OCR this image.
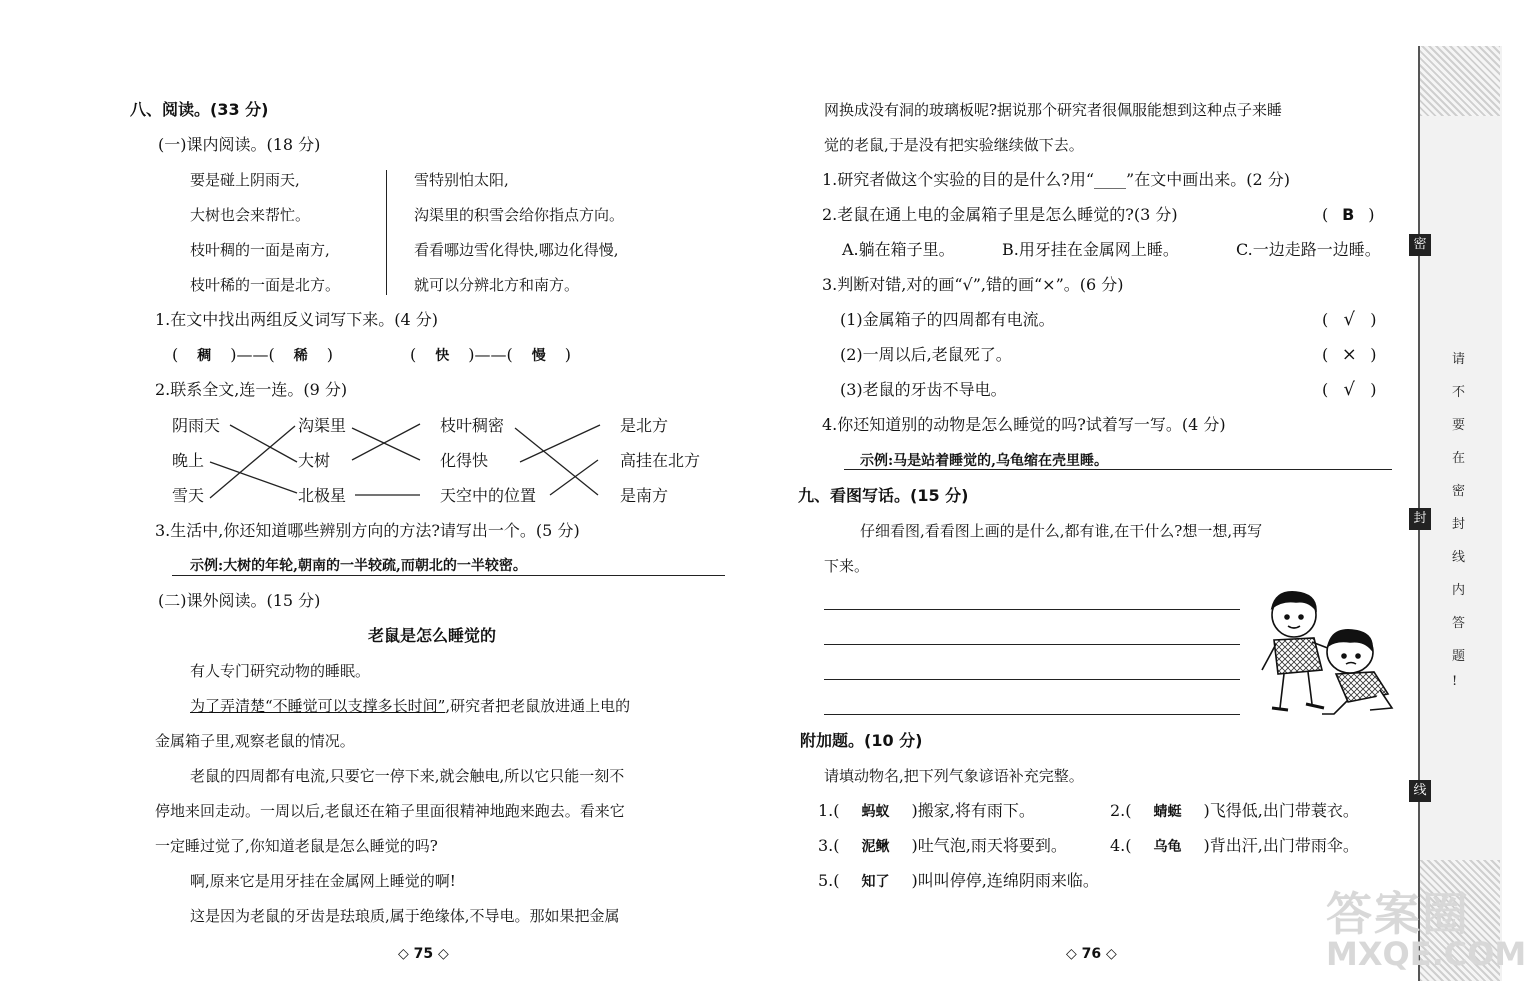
八、阅读。(33 分)
(一)课内阅读。(18 分)
要是碰上阴雨天,
大树也会来帮忙。
枝叶稠的一面是南方,
枝叶稀的一面是北方。
雪特别怕太阳,
沟渠里的积雪会给你指点方向。
看看哪边雪化得快,哪边化得慢,
就可以分辨北方和南方。
1.在文中找出两组反义词写下来。(4 分)
( 稠 )——( 稀 )	( 快 )——( 慢 )
2.联系全文,连一连。(9 分)
阴雨天
晚上
雪天
沟渠里
大树
北极星
枝叶稠密
化得快
天空中的位置
是北方
高挂在北方
是南方
3.生活中,你还知道哪些辨别方向的方法?请写出一个。(5 分)
示例:大树的年轮,朝南的一半较疏,而朝北的一半较密。
(二)课外阅读。(15 分)
老鼠是怎么睡觉的
有人专门研究动物的睡眠。
为了弄清楚“不睡觉可以支撑多长时间”,研究者把老鼠放进通上电的
金属箱子里,观察老鼠的情况。
老鼠的四周都有电流,只要它一停下来,就会触电,所以它只能一刻不
停地来回走动。一周以后,老鼠还在箱子里面很精神地跑来跑去。看来它
一定睡过觉了,你知道老鼠是怎么睡觉的吗?
啊,原来它是用牙挂在金属网上睡觉的啊!
这是因为老鼠的牙齿是珐琅质,属于绝缘体,不导电。那如果把金属
◇ 75 ◇
网换成没有洞的玻璃板呢?据说那个研究者很佩服能想到这种点子来睡
觉的老鼠,于是没有把实验继续做下去。
1.研究者做这个实验的目的是什么?用“____”在文中画出来。(2 分)
2.老鼠在通上电的金属箱子里是怎么睡觉的?(3 分)	( B )
A.躺在箱子里。	B.用牙挂在金属网上睡。	C.一边走路一边睡。
3.判断对错,对的画“√”,错的画“×”。(6 分)
(1)金属箱子的四周都有电流。	( √ )
(2)一周以后,老鼠死了。	( × )
(3)老鼠的牙齿不导电。	( √ )
4.你还知道别的动物是怎么睡觉的吗?试着写一写。(4 分)
示例:马是站着睡觉的,乌龟缩在壳里睡。
九、看图写话。(15 分)
仔细看图,看看图上画的是什么,都有谁,在干什么?想一想,再写
下来。
附加题。(10 分)
请填动物名,把下列气象谚语补充完整。
1.( 蚂蚁 )搬家,将有雨下。	2.( 蜻蜓 )飞得低,出门带蓑衣。
3.( 泥鳅 )吐气泡,雨天将要到。	4.( 乌龟 )背出汗,出门带雨伞。
5.( 知了 )叫叫停停,连绵阴雨来临。
◇ 76 ◇
密
封
线
请
不
要
在
密
封
线
内
答
题
!
答案圈
MXQE.COM
